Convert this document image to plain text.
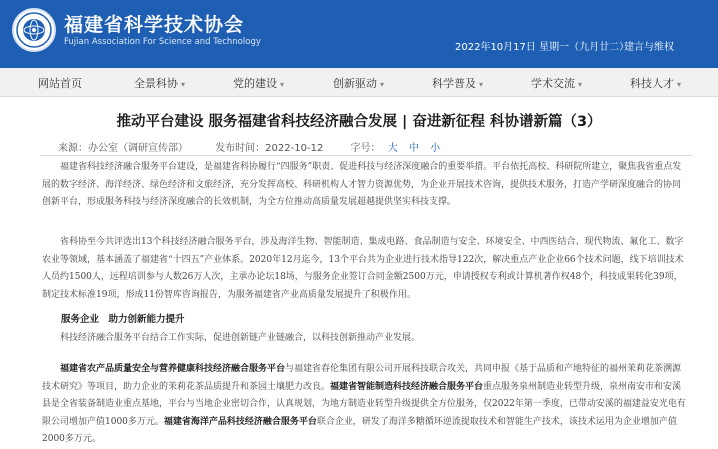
福建省科学技术协会
Fujian Association For Science and Technology	2022年10月17日 星期一（九月廿二）
建言与维权
网站首页	全景科协 ▾	党的建设 ▾	创新驱动 ▾	科学普及 ▾	学术交流 ▾	科技人才 ▾
推动平台建设 服务福建省科技经济融合发展 | 奋进新征程 科协谱新篇（3）
来源：办公室（调研宣传部）	发布时间：2022-10-12	字号： 大 中 小

福建省科技经济融合服务平台建设，是福建省科协履行“四服务”职责、促进科技与经济深度融合的重要举措。平台依托高校、科研院所建立，聚焦我省重点发展的数字经济、海洋经济、绿色经济和文旅经济，充分发挥高校、科研机构人才智力资源优势，为企业开展技术咨询，提供技术服务，打造产学研深度融合的协同创新平台，形成服务科技与经济深度融合的长效机制，为全方位推动高质量发展超越提供坚实科技支撑。

省科协至今共评选出13个科技经济融合服务平台，涉及海洋生物、智能制造、集成电路、食品制造与安全、环境安全、中西医结合、现代物流、氟化工、数字农业等领域，基本涵盖了福建省“十四五”产业体系。2020年12月迄今，13个平台共为企业进行技术指导122次，解决重点产业企业66个技术问题，线下培训技术人员约1500人，远程培训参与人数26万人次，主承办论坛18场，与服务企业签订合同金额2500万元，申请授权专利或计算机著作权48个，科技成果转化39项，制定技术标准19项，形成11份智库咨询报告，为服务福建省产业高质量发展提升了积极作用。

服务企业　助力创新能力提升

科技经济融合服务平台结合工作实际，促进创新链产业链融合，以科技创新推动产业发展。

福建省农产品质量安全与营养健康科技经济融合服务平台与福建省春伦集团有限公司开展科技联合攻关，共同申报《基于品质和产地特征的福州茉莉花茶溯源技术研究》等项目，助力企业的茉莉花茶品质提升和茶园土壤肥力改良。福建省智能制造科技经济融合服务平台重点服务泉州制造业转型升级，泉州南安市和安溪县是全省装备制造业重点基地，平台与当地企业密切合作，认真规划，为地方制造业转型升级提供全方位服务，仅2022年第一季度，已带动安溪的福建益安光电有限公司增加产值1000多万元。福建省海洋产品科技经济融合服务平台联合企业，研发了海洋多糖循环逆流提取技术和智能生产技术，该技术运用为企业增加产值2000多万元。
